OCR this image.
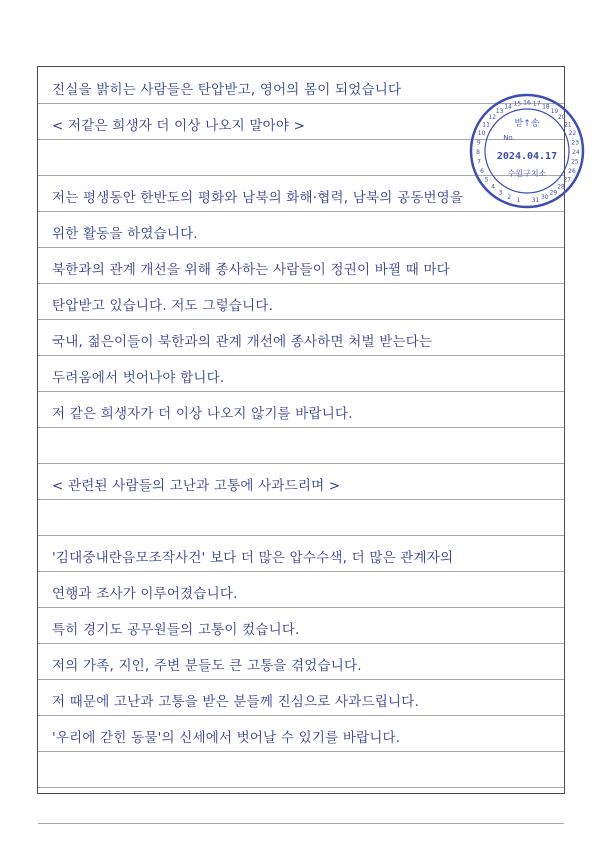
진실을 밝히는 사람들은 탄압받고, 영어의 몸이 되었습니다
< 저같은 희생자 더 이상 나오지 말아야 >
저는 평생동안 한반도의 평화와 남북의 화해·협력, 남북의 공동번영을
위한 활동을 하였습니다.
북한과의 관계 개선을 위해 종사하는 사람들이 정권이 바뀔 때 마다
탄압받고 있습니다. 저도 그렇습니다.
국내, 젊은이들이 북한과의 관계 개선에 종사하면 처벌 받는다는
두려움에서 벗어나야 합니다.
저 같은 희생자가 더 이상 나오지 않기를 바랍니다.
< 관련된 사람들의 고난과 고통에 사과드리며 >
'김대중내란음모조작사건' 보다 더 많은 압수수색, 더 많은 관계자의
연행과 조사가 이루어졌습니다.
특히 경기도 공무원들의 고통이 컸습니다.
저의 가족, 지인, 주변 분들도 큰 고통을 겪었습니다.
저 때문에 고난과 고통을 받은 분들께 진심으로 사과드립니다.
'우리에 갇힌 동물'의 신세에서 벗어날 수 있기를 바랍니다.
1
2
3
4
5
6
7
8
9
10
11
12
13
14 15 16 17 18
19
20
21
22
23
24
25
26
27
28
29
30
31
받↑송
No.
2024.04.17
수원구치소
